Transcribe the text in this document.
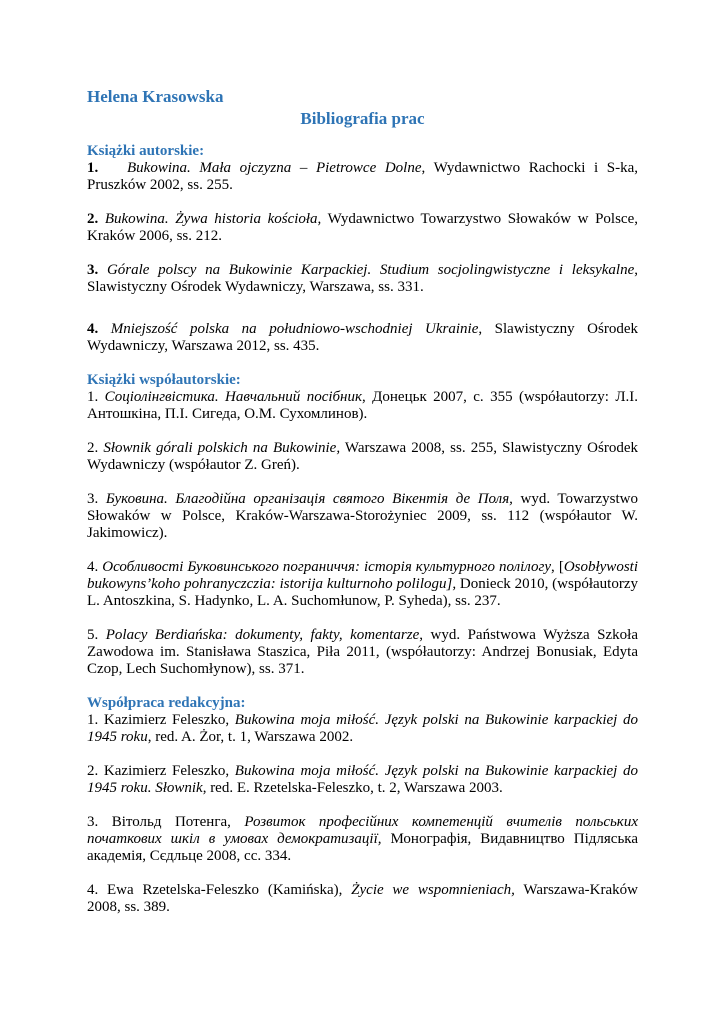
Helena Krasowska

Bibliografia prac

Książki autorskie:

1. Bukowina. Mała ojczyzna – Pietrowce Dolne, Wydawnictwo Rachocki i S-ka, Pruszków 2002, ss. 255.

2. Bukowina. Żywa historia kościoła, Wydawnictwo Towarzystwo Słowaków w Polsce, Kraków 2006, ss. 212.

3. Górale polscy na Bukowinie Karpackiej. Studium socjolingwistyczne i leksykalne, Slawistyczny Ośrodek Wydawniczy, Warszawa, ss. 331.

4. Mniejszość polska na południowo-wschodniej Ukrainie, Slawistyczny Ośrodek Wydawniczy, Warszawa 2012, ss. 435.

Książki współautorskie:

1. Соціолінгвістика. Навчальний посібник, Донецьк 2007, с. 355 (współautorzy: Л.І. Антошкіна, П.І. Сигеда, О.М. Сухомлинов).

2. Słownik górali polskich na Bukowinie, Warszawa 2008, ss. 255, Slawistyczny Ośrodek Wydawniczy (współautor Z. Greń).

3. Буковина. Благодійна організація святого Вікентія де Поля, wyd. Towarzystwo Słowaków w Polsce, Kraków-Warszawa-Storożyniec 2009, ss. 112 (współautor W. Jakimowicz).

4. Особливості Буковинського пограниччя: історія культурного полілогу, [Osobływosti bukowyns’koho pohranyczczia: istorija kulturnoho polilogu], Donieck 2010, (współautorzy L. Antoszkina, S. Hadynko, L. A. Suchomłunow, P. Syheda), ss. 237.

5. Polacy Berdiańska: dokumenty, fakty, komentarze, wyd. Państwowa Wyższa Szkoła Zawodowa im. Stanisława Staszica, Piła 2011, (współautorzy: Andrzej Bonusiak, Edyta Czop, Lech Suchomłynow), ss. 371.

Współpraca redakcyjna:

1. Kazimierz Feleszko, Bukowina moja miłość. Język polski na Bukowinie karpackiej do 1945 roku, red. A. Żor, t. 1, Warszawa 2002.

2. Kazimierz Feleszko, Bukowina moja miłość. Język polski na Bukowinie karpackiej do 1945 roku. Słownik, red. E. Rzetelska-Feleszko, t. 2, Warszawa 2003.

3. Вітольд Потенга, Розвиток професійних компетенцій вчителів польських початкових шкіл в умовах демократизації, Монографія, Видавництво Підляська академія, Сєдльце 2008, сс. 334.

4. Ewa Rzetelska-Feleszko (Kamińska), Życie we wspomnieniach, Warszawa-Kraków 2008, ss. 389.
